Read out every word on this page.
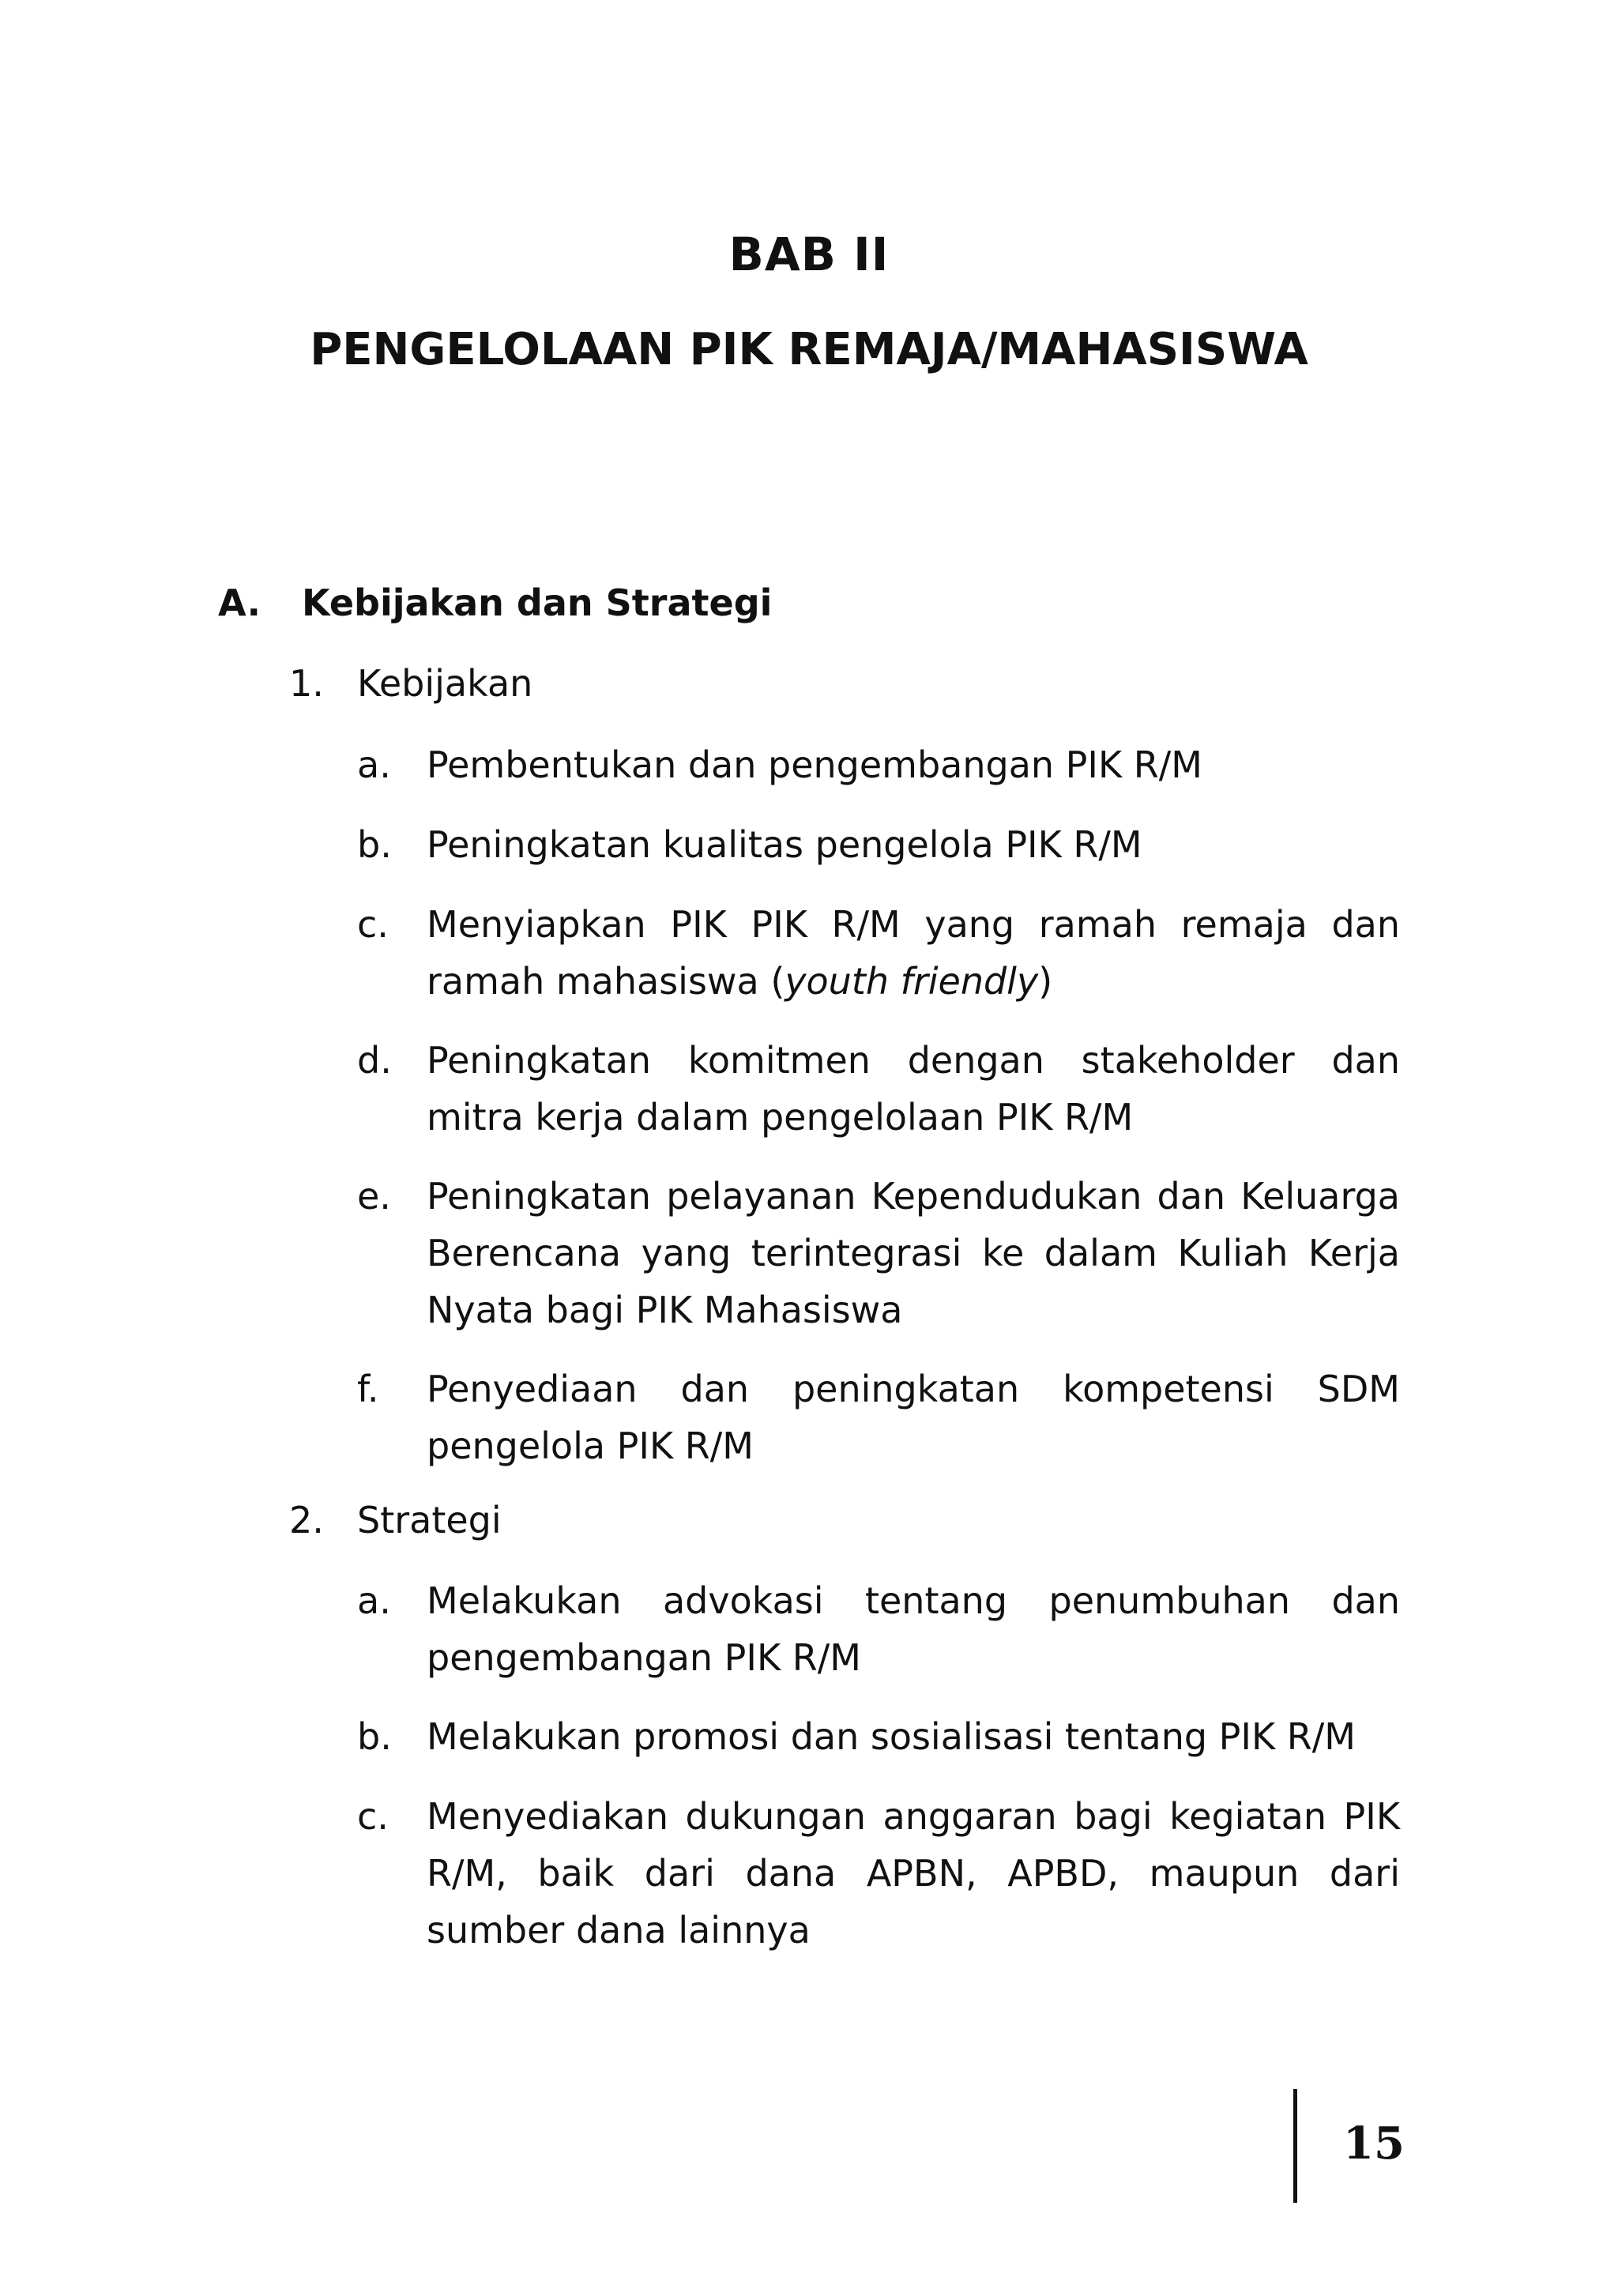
BAB II
PENGELOLAAN PIK REMAJA/MAHASISWA
A. Kebijakan dan Strategi
1. Kebijakan
a. Pembentukan dan pengembangan PIK R/M
b. Peningkatan kualitas pengelola PIK R/M
c. Menyiapkan PIK PIK R/M yang ramah remaja dan ramah mahasiswa (youth friendly)
d. Peningkatan komitmen dengan stakeholder dan mitra kerja dalam pengelolaan PIK R/M
e. Peningkatan pelayanan Kependudukan dan Keluarga Berencana yang terintegrasi ke dalam Kuliah Kerja Nyata bagi PIK Mahasiswa
f. Penyediaan dan peningkatan kompetensi SDM pengelola PIK R/M
2. Strategi
a. Melakukan advokasi tentang penumbuhan dan pengembangan PIK R/M
b. Melakukan promosi dan sosialisasi tentang PIK R/M
c. Menyediakan dukungan anggaran bagi kegiatan PIK R/M, baik dari dana APBN, APBD, maupun dari sumber dana lainnya
15
